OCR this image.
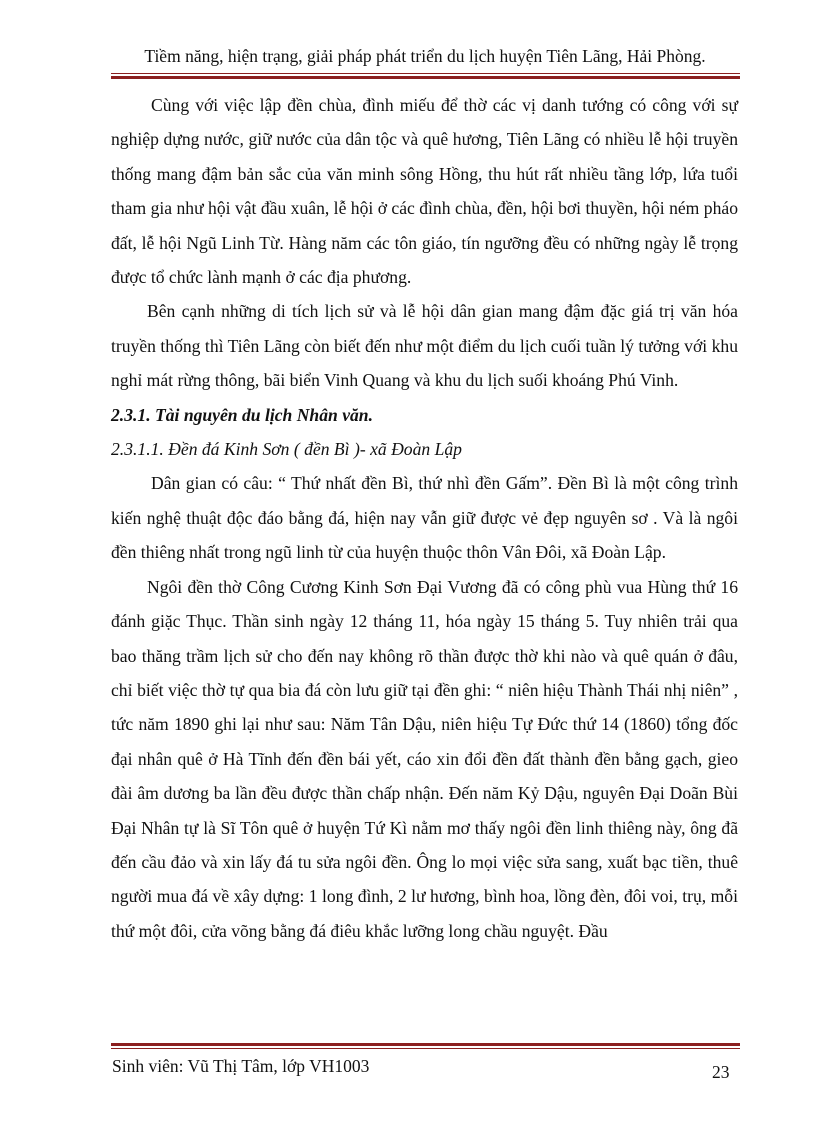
Tiềm năng, hiện trạng, giải pháp phát triển du lịch huyện Tiên Lãng, Hải Phòng.

Cùng với việc lập đền chùa, đình miếu để thờ các vị danh tướng có công với sự nghiệp dựng nước, giữ nước của dân tộc và quê hương, Tiên Lãng có nhiều lễ hội truyền thống mang đậm bản sắc của văn minh sông Hồng, thu hút rất nhiều tầng lớp, lứa tuổi tham gia như hội vật đầu xuân, lễ hội ở các đình chùa, đền, hội bơi thuyền, hội ném pháo đất, lễ hội Ngũ Linh Từ. Hàng năm các tôn giáo, tín ngưỡng đều có những ngày lễ trọng được tổ chức lành mạnh ở các địa phương.

Bên cạnh những di tích lịch sử và lễ hội dân gian mang đậm đặc giá trị văn hóa truyền thống thì Tiên Lãng còn biết đến như một điểm du lịch cuối tuần lý tưởng với khu nghỉ mát rừng thông, bãi biển Vinh Quang và khu du lịch suối khoáng Phú Vinh.

2.3.1. Tài nguyên du lịch Nhân văn.

2.3.1.1. Đền đá Kinh Sơn ( đền Bì )- xã Đoàn Lập

Dân gian có câu: “ Thứ nhất đền Bì, thứ nhì đền Gấm”. Đền Bì là một công trình kiến nghệ thuật độc đáo bằng đá, hiện nay vẫn giữ được vẻ đẹp nguyên sơ . Và là ngôi đền thiêng nhất trong ngũ linh từ của huyện thuộc thôn Vân Đôi, xã Đoàn Lập.

Ngôi đền thờ Công Cương Kinh Sơn Đại Vương đã có công phù vua Hùng thứ 16 đánh giặc Thục. Thần sinh ngày 12 tháng 11, hóa ngày 15 tháng 5. Tuy nhiên trải qua bao thăng trầm lịch sử cho đến nay không rõ thần được thờ khi nào và quê quán ở đâu, chỉ biết việc thờ tự qua bia đá còn lưu giữ tại đền ghi: “ niên hiệu Thành Thái nhị niên” , tức năm 1890 ghi lại như sau: Năm Tân Dậu, niên hiệu Tự Đức thứ 14 (1860) tổng đốc đại nhân quê ở Hà Tĩnh đến đền bái yết, cáo xin đổi đền đất thành đền bằng gạch, gieo đài âm dương ba lần đều được thần chấp nhận. Đến năm Kỷ Dậu, nguyên Đại Doãn Bùi Đại Nhân tự là Sĩ Tôn quê ở huyện Tứ Kì nằm mơ thấy ngôi đền linh thiêng này, ông đã đến cầu đảo và xin lấy đá tu sửa ngôi đền. Ông lo mọi việc sửa sang, xuất bạc tiền, thuê người mua đá về xây dựng: 1 long đình, 2 lư hương, bình hoa, lồng đèn, đôi voi, trụ, mỗi thứ một đôi, cửa võng bằng đá điêu khắc lưỡng long chầu nguyệt. Đầu

Sinh viên: Vũ Thị Tâm, lớp VH1003	23
